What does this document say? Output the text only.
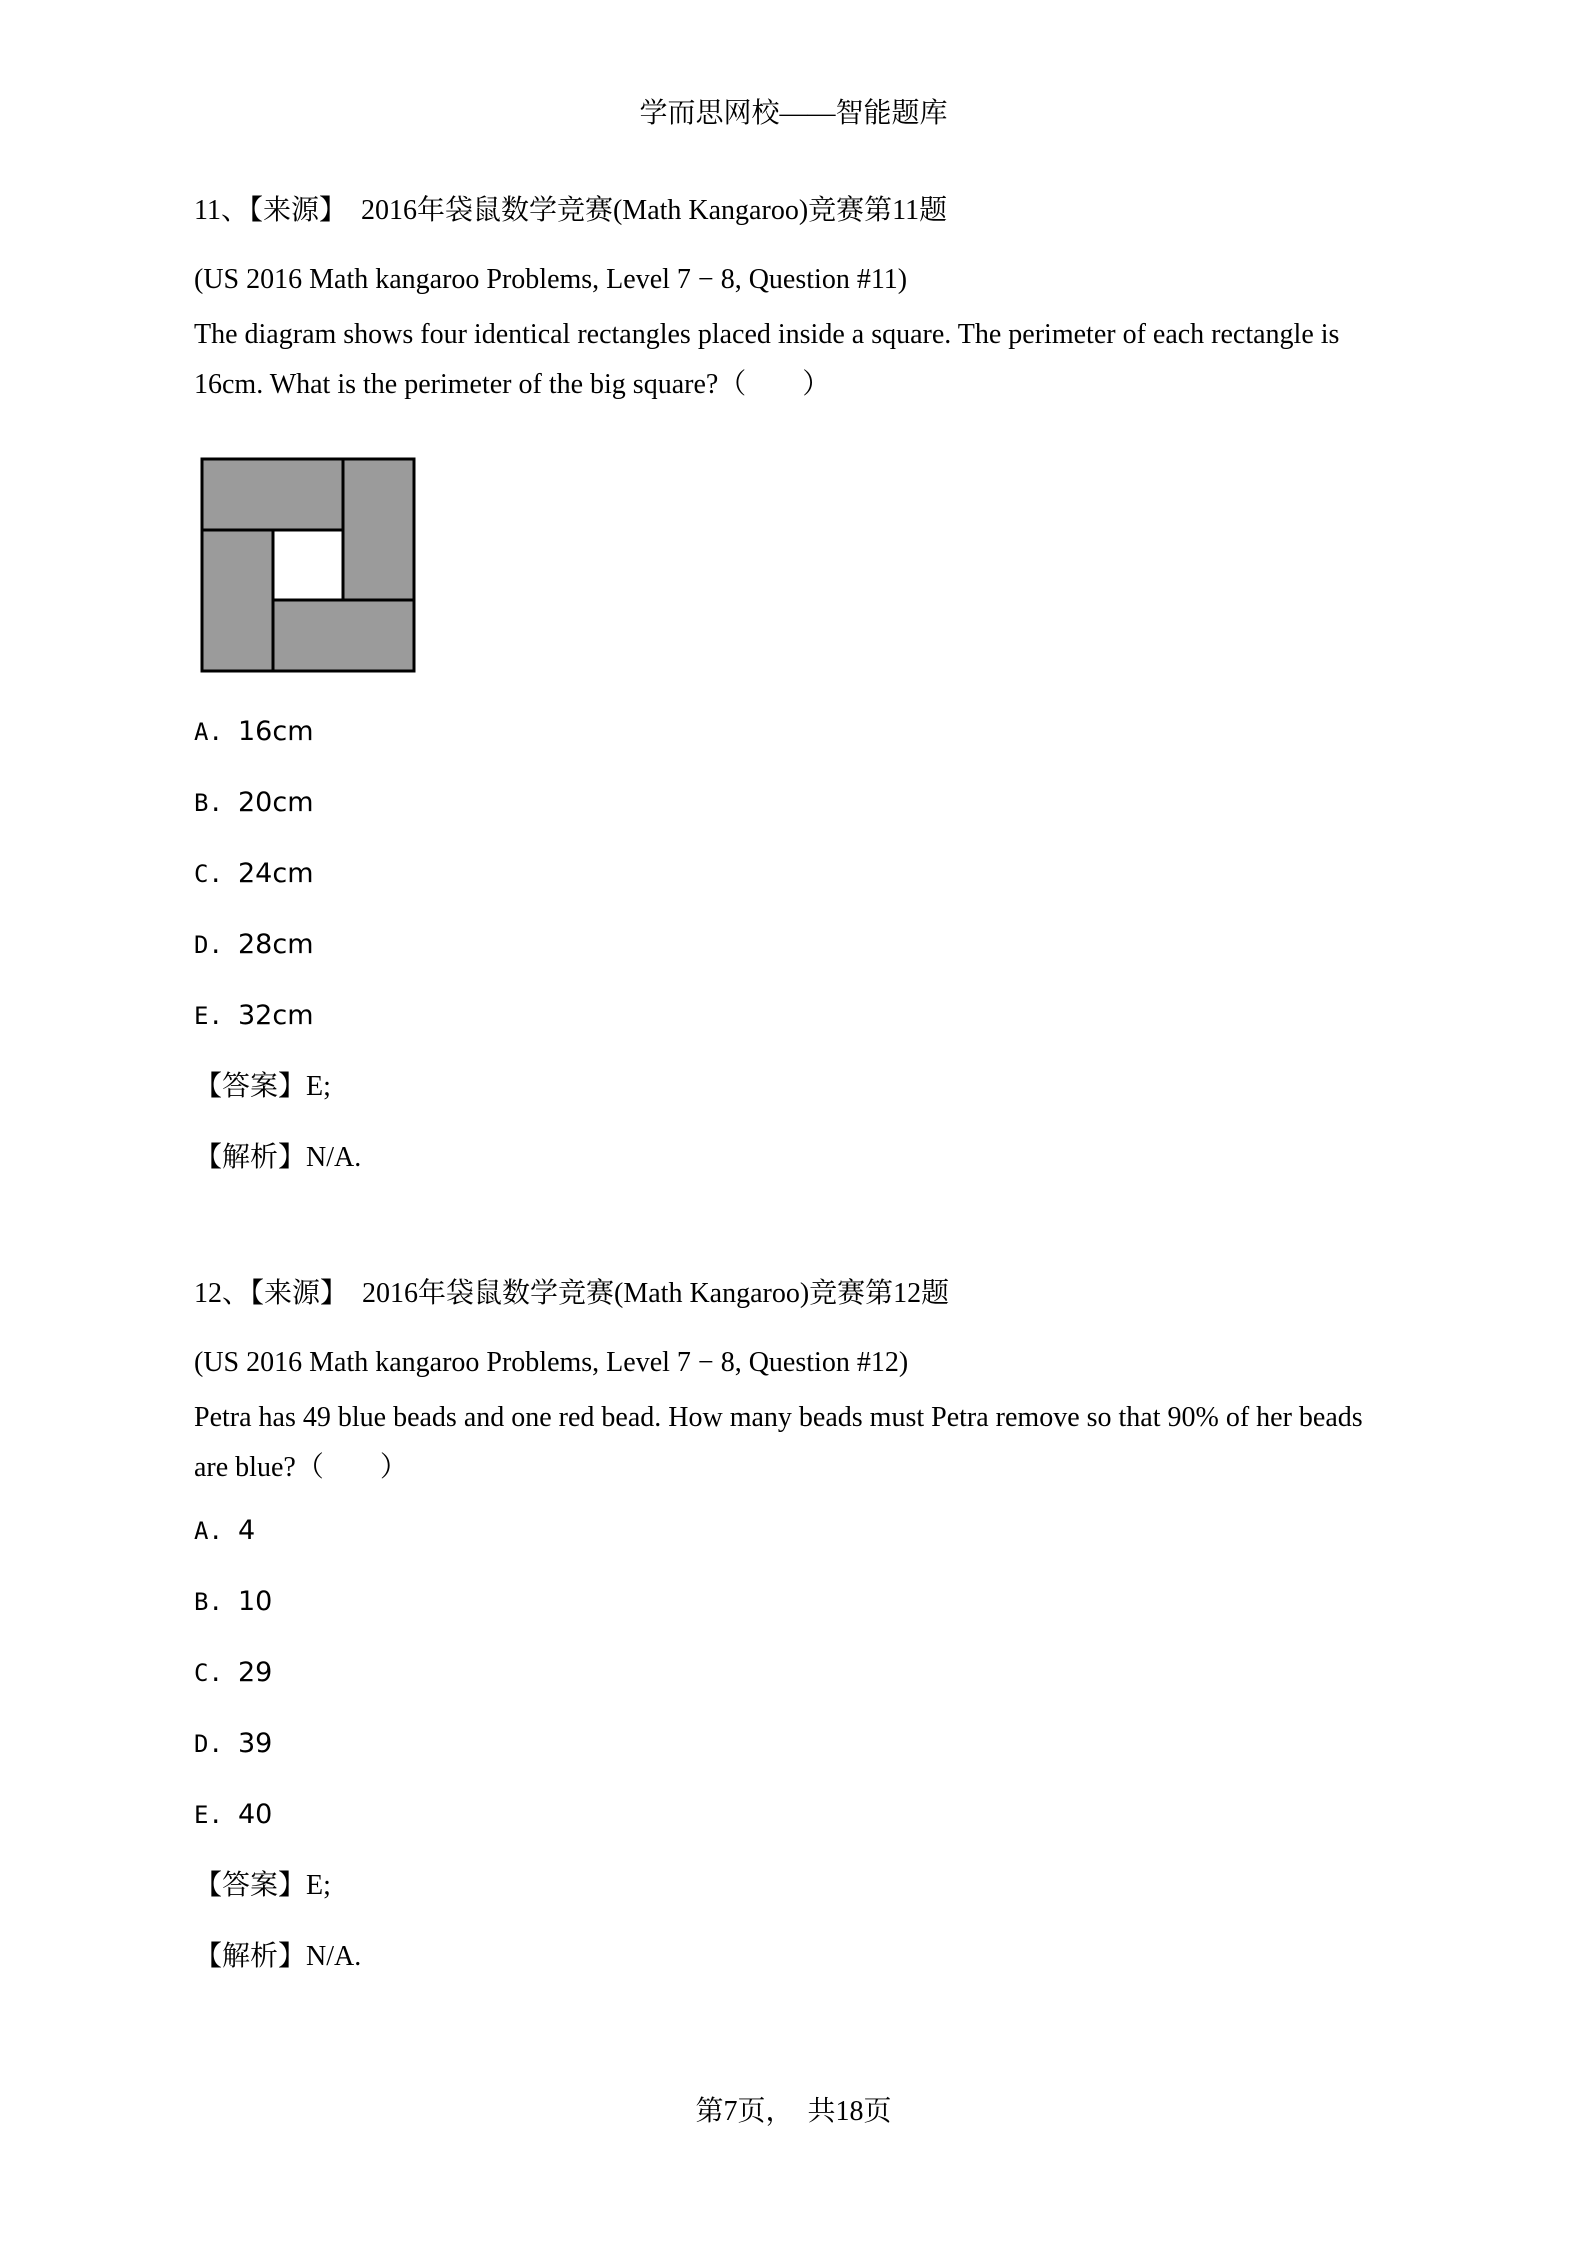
学而思网校——智能题库

11、【来源】 2016年袋鼠数学竞赛(Math Kangaroo)竞赛第11题

(US 2016 Math kangaroo Problems, Level 7 − 8, Question #11)

The diagram shows four identical rectangles placed inside a square. The perimeter of each rectangle is

16cm. What is the perimeter of the big square?（　　）

A. 16cm

B. 20cm

C. 24cm

D. 28cm

E. 32cm

【答案】E;

【解析】N/A.

12、【来源】 2016年袋鼠数学竞赛(Math Kangaroo)竞赛第12题

(US 2016 Math kangaroo Problems, Level 7 − 8, Question #12)

Petra has 49 blue beads and one red bead. How many beads must Petra remove so that 90% of her beads

are blue?（　　）

A. 4

B. 10

C. 29

D. 39

E. 40

【答案】E;

【解析】N/A.

第7页，　共18页
